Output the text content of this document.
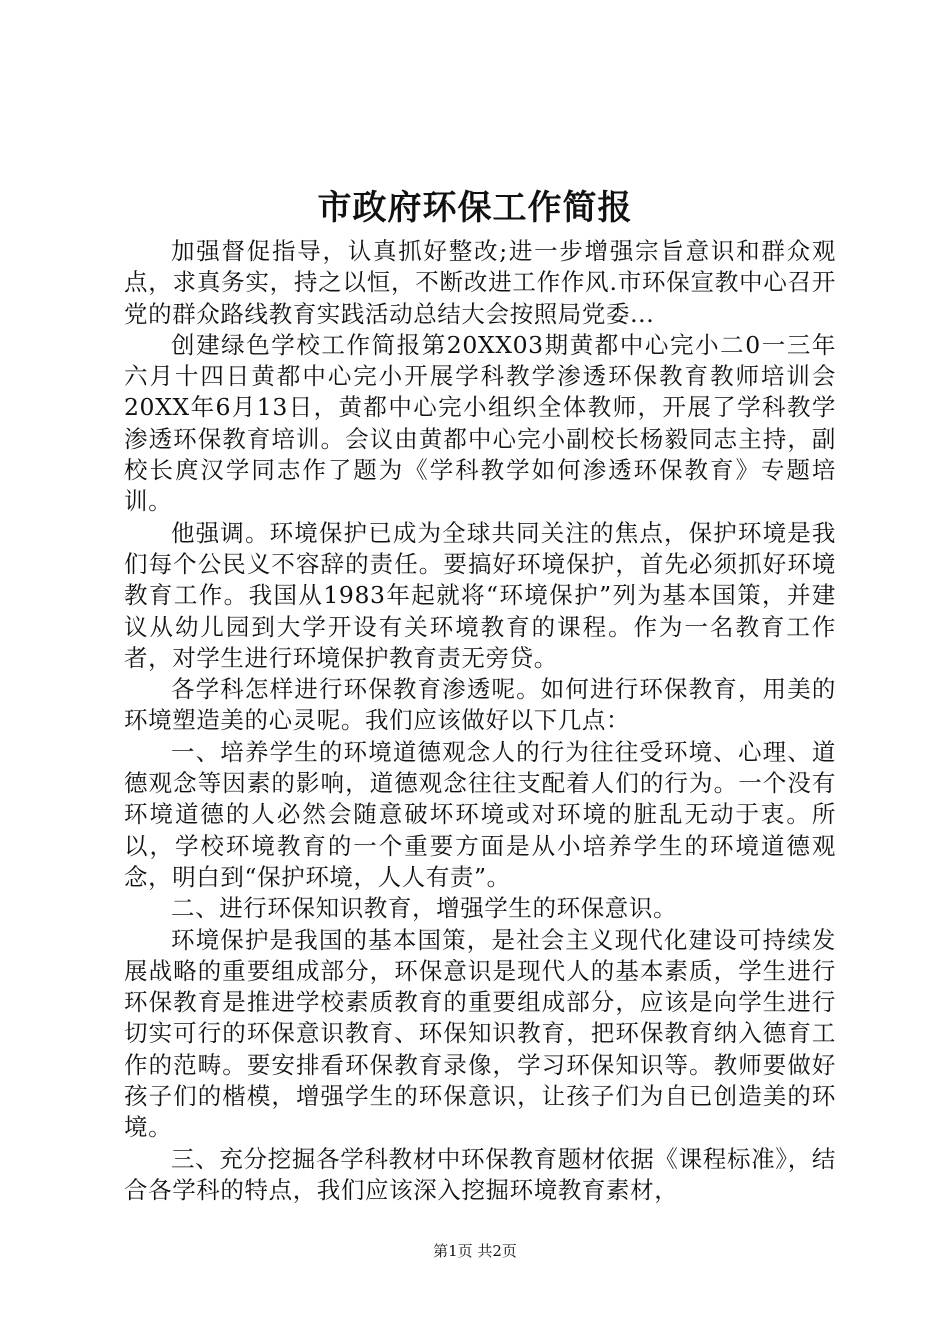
市政府环保工作简报

加强督促指导，认真抓好整改;进一步增强宗旨意识和群众观点，求真务实，持之以恒，不断改进工作作风.市环保宣教中心召开党的群众路线教育实践活动总结大会按照局党委...

创建绿色学校工作简报第20XX03期黄都中心完小二0一三年六月十四日黄都中心完小开展学科教学渗透环保教育教师培训会20XX年6月13日，黄都中心完小组织全体教师，开展了学科教学渗透环保教育培训。会议由黄都中心完小副校长杨毅同志主持，副校长庹汉学同志作了题为《学科教学如何渗透环保教育》专题培训。

他强调。环境保护已成为全球共同关注的焦点，保护环境是我们每个公民义不容辞的责任。要搞好环境保护，首先必须抓好环境教育工作。我国从1983年起就将“环境保护”列为基本国策，并建议从幼儿园到大学开设有关环境教育的课程。作为一名教育工作者，对学生进行环境保护教育责无旁贷。

各学科怎样进行环保教育渗透呢。如何进行环保教育，用美的环境塑造美的心灵呢。我们应该做好以下几点：

一、培养学生的环境道德观念人的行为往往受环境、心理、道德观念等因素的影响，道德观念往往支配着人们的行为。一个没有环境道德的人必然会随意破坏环境或对环境的脏乱无动于衷。所以，学校环境教育的一个重要方面是从小培养学生的环境道德观念，明白到“保护环境，人人有责”。

二、进行环保知识教育，增强学生的环保意识。

环境保护是我国的基本国策，是社会主义现代化建设可持续发展战略的重要组成部分，环保意识是现代人的基本素质，学生进行环保教育是推进学校素质教育的重要组成部分，应该是向学生进行切实可行的环保意识教育、环保知识教育，把环保教育纳入德育工作的范畴。要安排看环保教育录像，学习环保知识等。教师要做好孩子们的楷模，增强学生的环保意识，让孩子们为自已创造美的环境。

三、充分挖掘各学科教材中环保教育题材依据《课程标准》，结合各学科的特点，我们应该深入挖掘环境教育素材，

第1页 共2页
